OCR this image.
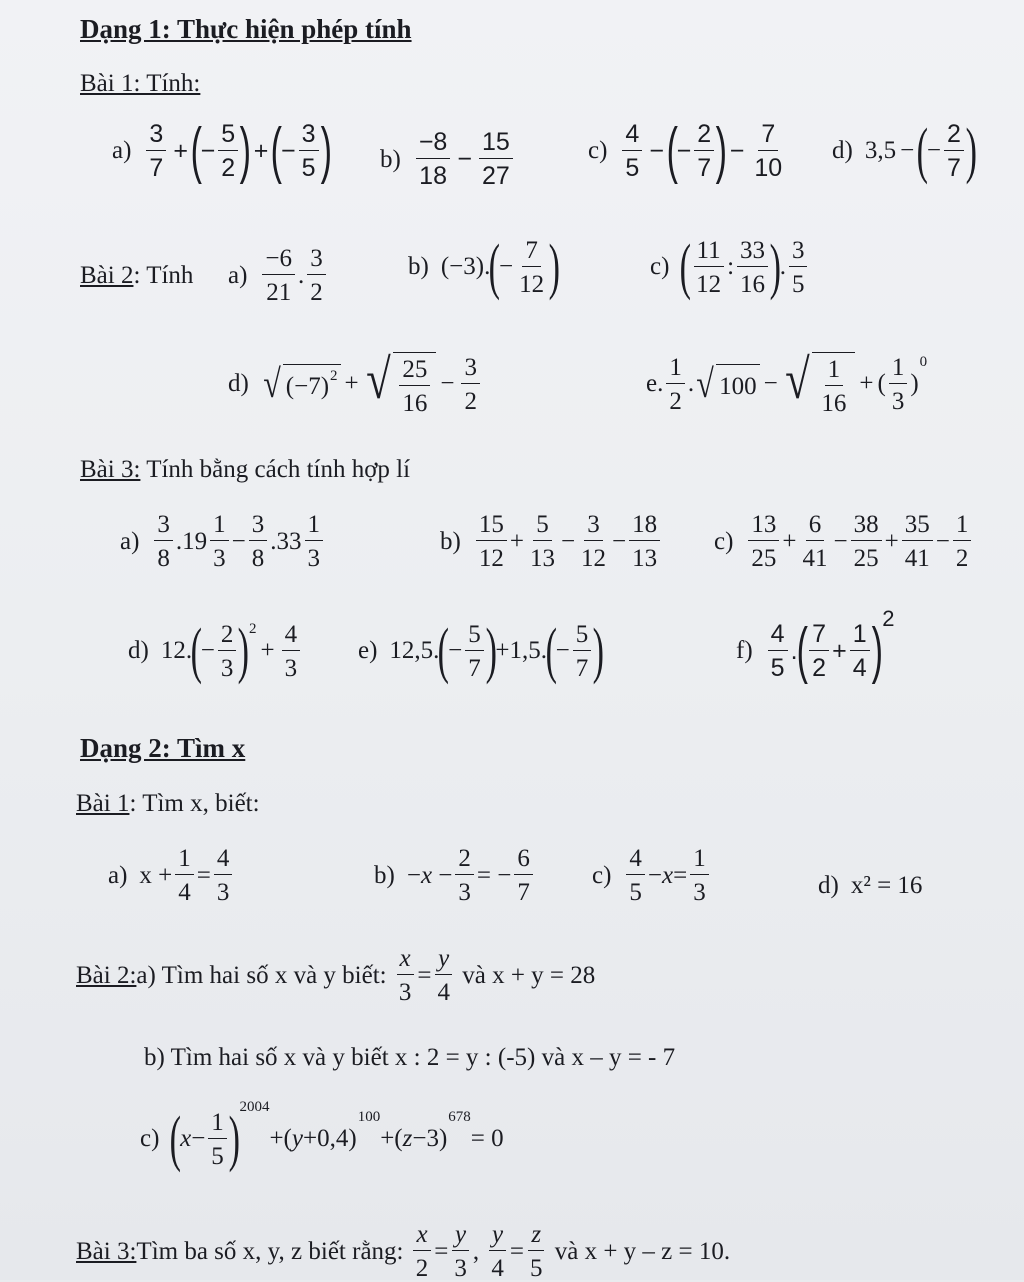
Dạng 1: Thực hiện phép tính
Bài 1: Tính:
$a) \frac{3}{7}$ + (
− $\frac{5}{2}$ ) + (
− $\frac{3}{5}$ ) $b) \frac{-8}{18} - \frac{15}{27}$	$c) \frac{4}{5}$ − (
− $\frac{2}{7}$ ) − $\frac{7}{10} d$) 3,5 − (
− $\frac{2}{7}$ )
Bài 2: Tính $a) \frac{-6}{21}$ . $\frac{3}{2}$	b) (−3).
(
− $\frac{7}{12}$ )	c) ( $\frac{11}{12}$ : $\frac{33}{16}$ )
. $\frac{3}{5}$
d) √ (−7) 2 + √ $\frac{25}{16} - \frac{3}{2}$	e. $\frac{1}{2}$ . √ 100 − √ $\frac{1}{16}$ + ( $\frac{1}{3}$ )
0
Bài 3: Tính bằng cách tính hợp lí
$a) \frac{3}{8} .19 \frac{1}{3} - \frac{3}{8} .33 \frac{1}{3}$	$b) \frac{15}{12} + \frac{5}{13} - \frac{3}{12} - \frac{18}{13} c) \frac{13}{25} + \frac{6}{41} - \frac{38}{25} + \frac{35}{41} - \frac{1}{2}$
d) 12.
(
− $\frac{2}{3}$ ) 2
+ $\frac{4}{3} e$) 12,5.
(
− $\frac{5}{7}$ )
+1,5.
(
− $\frac{5}{7}$ )	$f) \frac{4}{5}$ .
( $\frac{7}{2} + \frac{1}{4}$ ) 2
Dạng 2: Tìm x
Bài 1: Tìm x, biết:
a) $x + \frac{1}{4} = \frac{4}{3}$	$b) - x - \frac{2}{3}$ = − $\frac{6}{7} c) \frac{4}{5} - x = \frac{1}{3}$	d) x² = 16
Bài 2: a) Tìm hai số x và y biết:
$\frac{x}{3} = \frac{y}{4}$
và x + y = 28
b) Tìm hai số x và y biết x : 2 = y : (-5) và x – y = - 7
c) (
$x - \frac{1}{5}$ ) 2004
+( y +0,4)
100
+( z −3)
678
= 0
Bài 3: Tìm ba số x, y, z biết rằng:
$\frac{x}{2} = \frac{y}{3}$ , $\frac{y}{4} = \frac{z}{5}$
và x + y – z = 10.
